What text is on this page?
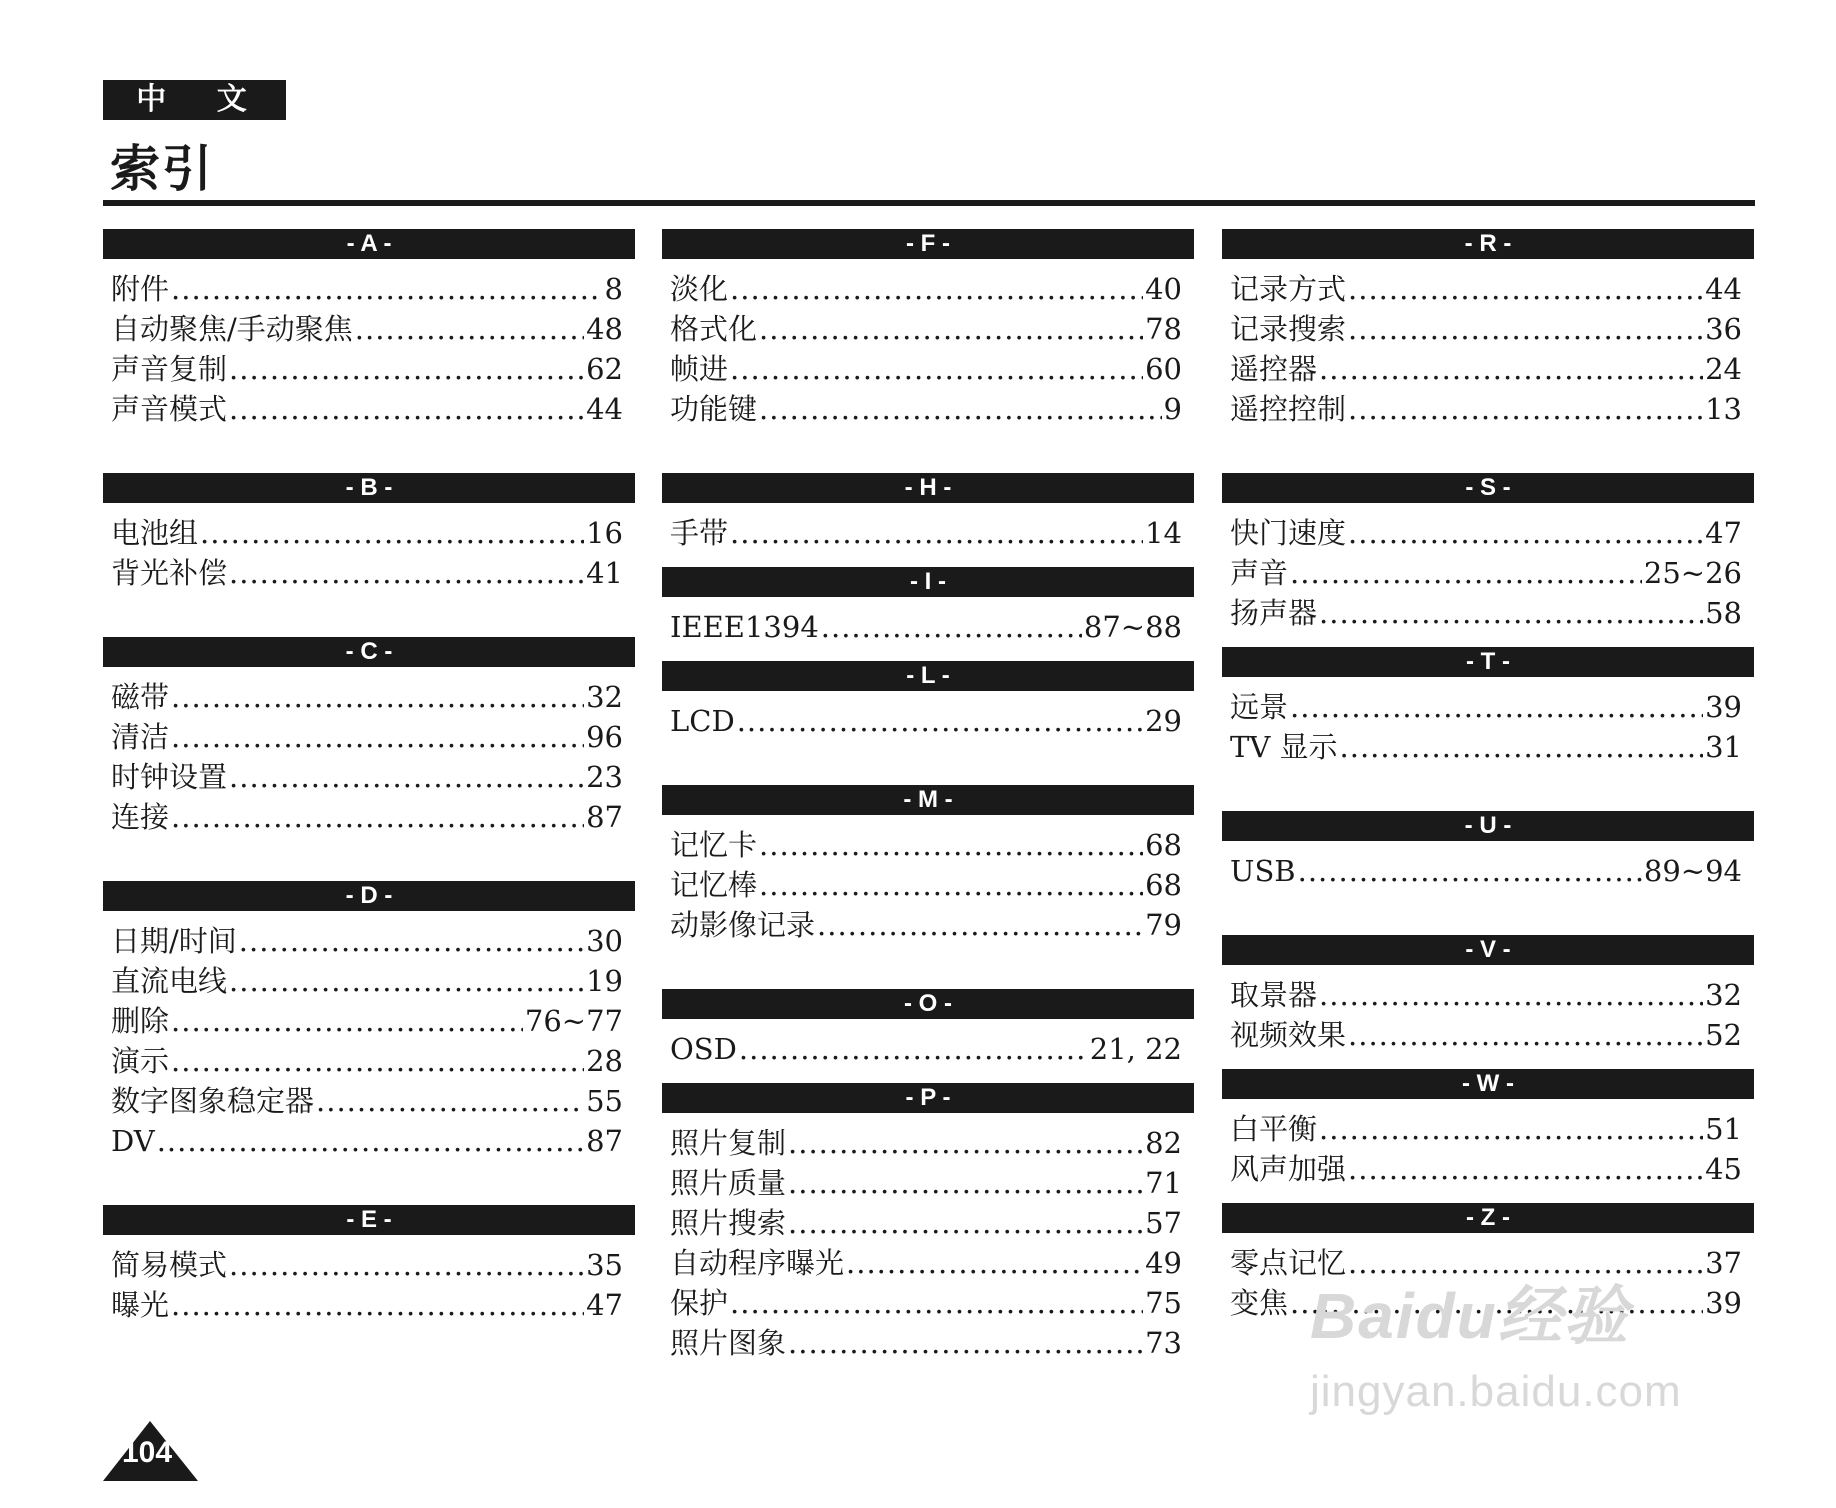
中 文
索引
- A -
附件 .....	8
自动聚焦/手动聚焦 .....	48
声音复制 .....	62
声音模式 .....	44
- B -
电池组 .....	16
背光补偿 .....	41
- C -
磁带 .....	32
清洁 .....	96
时钟设置 .....	23
连接 .....	87
- D -
日期/时间 .....	30
直流电线 .....	19
删除 .....	76~77
演示 .....	28
数字图象稳定器 .....	55
DV .....	87
- E -
简易模式 .....	35
曝光 .....	47
- F -
淡化 .....	40
格式化 .....	78
帧进 .....	60
功能键 .....	9
- H -
手带 .....	14
- I -
IEEE1394 .....	87~88
- L -
LCD .....	29
- M -
记忆卡 .....	68
记忆棒 .....	68
动影像记录 .....	79
- O -
OSD .....	21, 22
- P -
照片复制 .....	82
照片质量 .....	71
照片搜索 .....	57
自动程序曝光 .....	49
保护 .....	75
照片图象 .....	73
- R -
记录方式 .....	44
记录搜索 .....	36
遥控器 .....	24
遥控控制 .....	13
- S -
快门速度 .....	47
声音 .....	25~26
扬声器 .....	58
- T -
远景 .....	39
TV 显示 .....	31
- U -
USB .....	89~94
- V -
取景器 .....	32
视频效果 .....	52
- W -
白平衡 .....	51
风声加强 .....	45
- Z -
零点记忆 .....	37
变焦 .....	39
104
Baidu经验
jingyan.baidu.com
